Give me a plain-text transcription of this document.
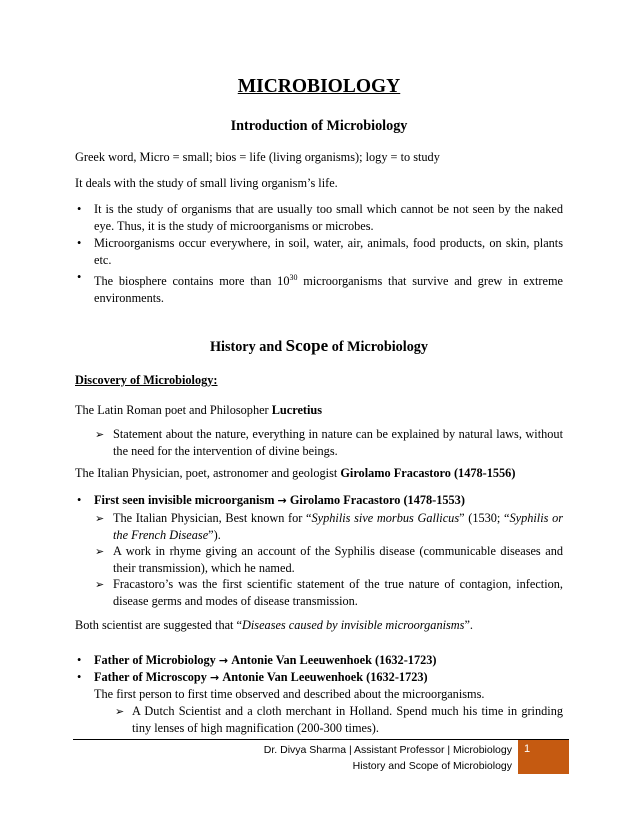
MICROBIOLOGY
Introduction of Microbiology
Greek word, Micro = small; bios = life (living organisms); logy = to study
It deals with the study of small living organism’s life.
•	It is the study of organisms that are usually too small which cannot be not seen by the naked eye. Thus, it is the study of microorganisms or microbes.
•	Microorganisms occur everywhere, in soil, water, air, animals, food products, on skin, plants etc.
•	The biosphere contains more than $10^{30}$ microorganisms that survive and grew in extreme environments.
History and Scope of Microbiology
Discovery of Microbiology:
The Latin Roman poet and Philosopher Lucretius
➢ Statement about the nature, everything in nature can be explained by natural laws, without the need for the intervention of divine beings.
The Italian Physician, poet, astronomer and geologist Girolamo Fracastoro (1478-1556)
•	First seen invisible microorganism → Girolamo Fracastoro (1478-1553)
➢ The Italian Physician, Best known for “Syphilis sive morbus Gallicus” (1530; “Syphilis or the French Disease”).
➢ A work in rhyme giving an account of the Syphilis disease (communicable diseases and their transmission), which he named.
➢ Fracastoro’s was the first scientific statement of the true nature of contagion, infection, disease germs and modes of disease transmission.
Both scientist are suggested that “Diseases caused by invisible microorganisms”.
•	Father of Microbiology → Antonie Van Leeuwenhoek (1632-1723)
•	Father of Microscopy → Antonie Van Leeuwenhoek (1632-1723)
The first person to first time observed and described about the microorganisms.
➢ A Dutch Scientist and a cloth merchant in Holland. Spend much his time in grinding tiny lenses of high magnification (200-300 times).
Dr. Divya Sharma | Assistant Professor | Microbiology
History and Scope of Microbiology
1
